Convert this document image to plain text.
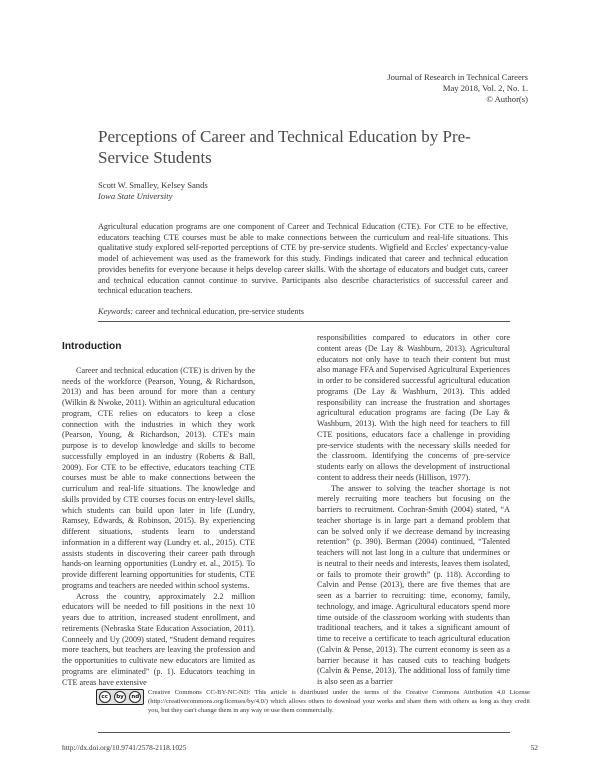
Journal of Research in Technical Careers
May 2018, Vol. 2, No. 1.
© Author(s)
Perceptions of Career and Technical Education by Pre-Service Students
Scott W. Smalley, Kelsey Sands
Iowa State University

Agricultural education programs are one component of Career and Technical Education (CTE). For CTE to be effective, educators teaching CTE courses must be able to make connections between the curriculum and real-life situations. This qualitative study explored self-reported perceptions of CTE by pre-service students. Wigfield and Eccles' expectancy-value model of achievement was used as the framework for this study. Findings indicated that career and technical education provides benefits for everyone because it helps develop career skills. With the shortage of educators and budget cuts, career and technical education cannot continue to survive. Participants also describe characteristics of successful career and technical education teachers.

Keywords: career and technical education, pre-service students

Introduction

Career and technical education (CTE) is driven by the needs of the workforce (Pearson, Young, & Richardson, 2013) and has been around for more than a century (Wilkin & Nwoke, 2011). Within an agricultural education program, CTE relies on educators to keep a close connection with the industries in which they work (Pearson, Young, & Richardson, 2013). CTE's main purpose is to develop knowledge and skills to become successfully employed in an industry (Roberts & Ball, 2009). For CTE to be effective, educators teaching CTE courses must be able to make connections between the curriculum and real-life situations. The knowledge and skills provided by CTE courses focus on entry-level skills, which students can build upon later in life (Lundry, Ramsey, Edwards, & Robinson, 2015). By experiencing different situations, students learn to understand information in a different way (Lundry et. al., 2015). CTE assists students in discovering their career path through hands-on learning opportunities (Lundry et. al., 2015). To provide different learning opportunities for students, CTE programs and teachers are needed within school systems.

Across the country, approximately 2.2 million educators will be needed to fill positions in the next 10 years due to attrition, increased student enrollment, and retirements (Nebraska State Education Association, 2011). Conneely and Uy (2009) stated, “Student demand requires more teachers, but teachers are leaving the profession and the opportunities to cultivate new educators are limited as programs are eliminated” (p. 1). Educators teaching in CTE areas have extensive

responsibilities compared to educators in other core content areas (De Lay & Washburn, 2013). Agricultural educators not only have to teach their content but must also manage FFA and Supervised Agricultural Experiences in order to be considered successful agricultural education programs (De Lay & Washburn, 2013). This added responsibility can increase the frustration and shortages agricultural education programs are facing (De Lay & Washburn, 2013). With the high need for teachers to fill CTE positions, educators face a challenge in providing pre-service students with the necessary skills needed for the classroom. Identifying the concerns of pre-service students early on allows the development of instructional content to address their needs (Hillison, 1977).

The answer to solving the teacher shortage is not merely recruiting more teachers but focusing on the barriers to recruitment. Cochran-Smith (2004) stated, “A teacher shortage is in large part a demand problem that can be solved only if we decrease demand by increasing retention” (p. 390). Berman (2004) continued, “Talented teachers will not last long in a culture that undermines or is neutral to their needs and interests, leaves them isolated, or fails to promote their growth” (p. 118). According to Calvin and Pense (2013), there are five themes that are seen as a barrier to recruiting: time, economy, family, technology, and image. Agricultural educators spend more time outside of the classroom working with students than traditional teachers, and it takes a significant amount of time to receive a certificate to teach agricultural education (Calvin & Pense, 2013). The current economy is seen as a barrier because it has caused cuts to teaching budgets (Calvin & Pense, 2013). The additional loss of family time is also seen as a barrier

cc	by	nd

Creative Commons CC-BY-NC-ND: This article is distributed under the terms of the Creative Commons Attribution 4.0 License (http://creativecommons.org/licenses/by/4.0/) which allows others to download your works and share them with others as long as they credit you, but they can't change them in any way or use them commercially.

http://dx.doi.org/10.9741/2578-2118.1025	52
